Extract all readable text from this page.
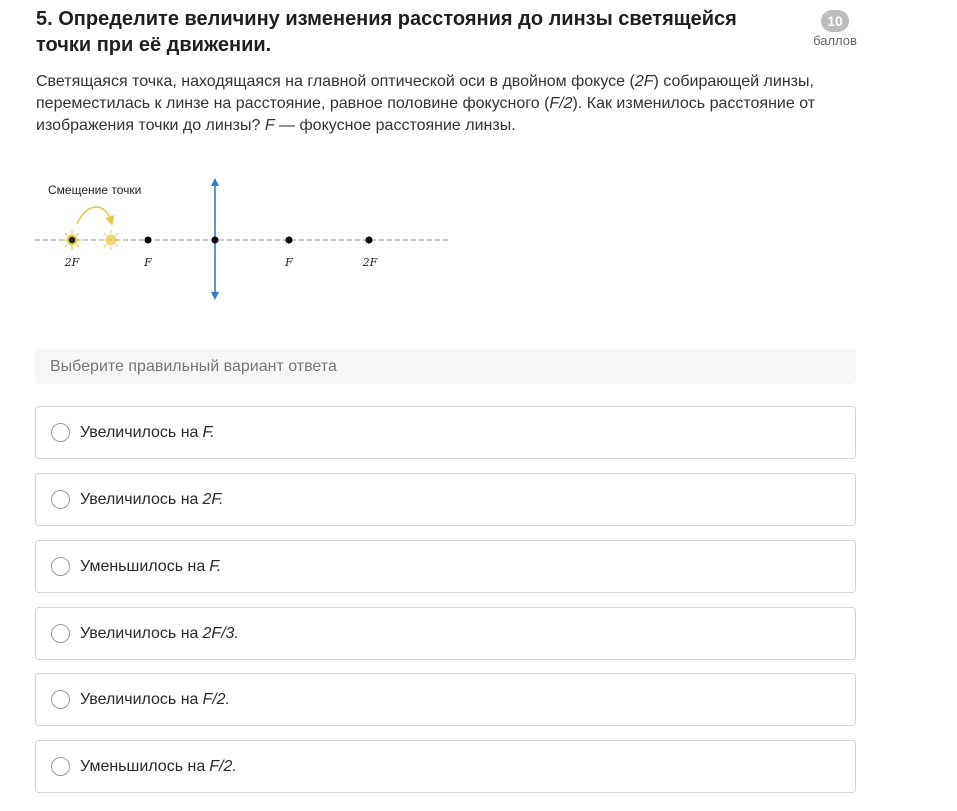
5. Определите величину изменения расстояния до линзы светящейся точки при её движении.
10
баллов
Светящаяся точка, находящаяся на главной оптической оси в двойном фокусе (2F) собирающей линзы, переместилась к линзе на расстояние, равное половине фокусного (F/2). Как изменилось расстояние от изображения точки до линзы? F — фокусное расстояние линзы.
Смещение точки
2F	F	F	2F
Выберите правильный вариант ответа
Увеличилось на F.
Увеличилось на 2F.
Уменьшилось на F.
Увеличилось на 2F/3.
Увеличилось на F/2.
Уменьшилось на F/2.
